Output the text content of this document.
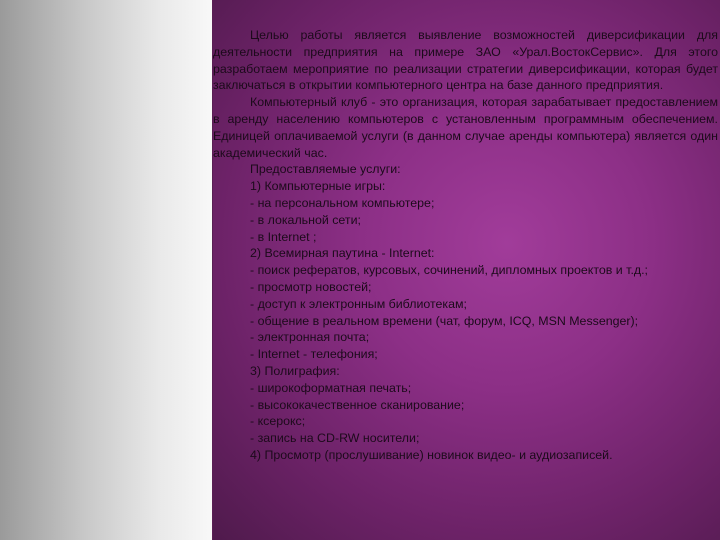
Целью работы является выявление возможностей диверсификации для деятельности предприятия на примере ЗАО «Урал.ВостокСервис». Для этого разработаем мероприятие по реализации стратегии диверсификации, которая будет заключаться в открытии компьютерного центра на базе данного предприятия.

Компьютерный клуб - это организация, которая зарабатывает предоставлением в аренду населению компьютеров с установленным программным обеспечением. Единицей оплачиваемой услуги (в данном случае аренды компьютера) является один академический час.

Предоставляемые услуги:
1) Компьютерные игры:
- на персональном компьютере;
- в локальной сети;
- в Internet ;
2) Всемирная паутина - Internet:
- поиск рефератов, курсовых, сочинений, дипломных проектов и т.д.;
- просмотр новостей;
- доступ к электронным библиотекам;
- общение в реальном времени (чат, форум, ICQ, MSN Messenger);
- электронная почта;
- Internet - телефония;
3) Полиграфия:
- широкоформатная печать;
- высококачественное сканирование;
- ксерокс;
- запись на CD-RW носители;
4) Просмотр (прослушивание) новинок видео- и аудиозаписей.
